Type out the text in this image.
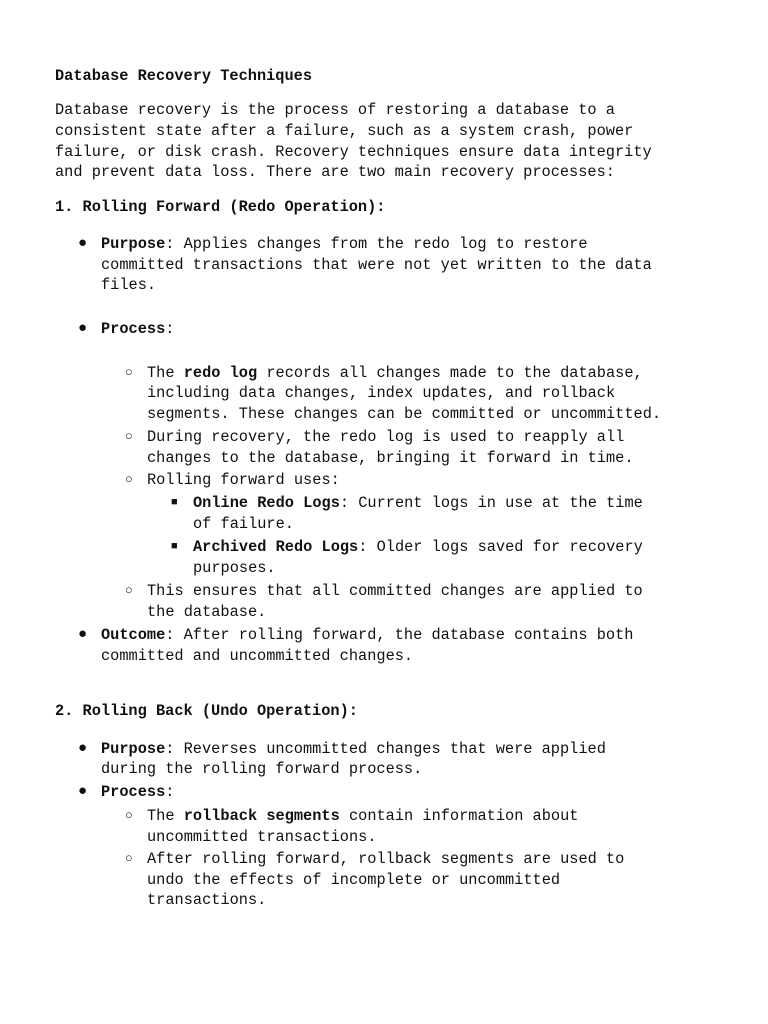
Database Recovery Techniques
Database recovery is the process of restoring a database to a
consistent state after a failure, such as a system crash, power
failure, or disk crash. Recovery techniques ensure data integrity
and prevent data loss. There are two main recovery processes:
1. Rolling Forward (Redo Operation):
● Purpose: Applies changes from the redo log to restore
committed transactions that were not yet written to the data
files.
● Process:
○ The redo log records all changes made to the database,
including data changes, index updates, and rollback
segments. These changes can be committed or uncommitted.
○ During recovery, the redo log is used to reapply all
changes to the database, bringing it forward in time.
○ Rolling forward uses:
■ Online Redo Logs: Current logs in use at the time
of failure.
■ Archived Redo Logs: Older logs saved for recovery
purposes.
○ This ensures that all committed changes are applied to
the database.
● Outcome: After rolling forward, the database contains both
committed and uncommitted changes.
2. Rolling Back (Undo Operation):
● Purpose: Reverses uncommitted changes that were applied
during the rolling forward process.
● Process:
○ The rollback segments contain information about
uncommitted transactions.
○ After rolling forward, rollback segments are used to
undo the effects of incomplete or uncommitted
transactions.
